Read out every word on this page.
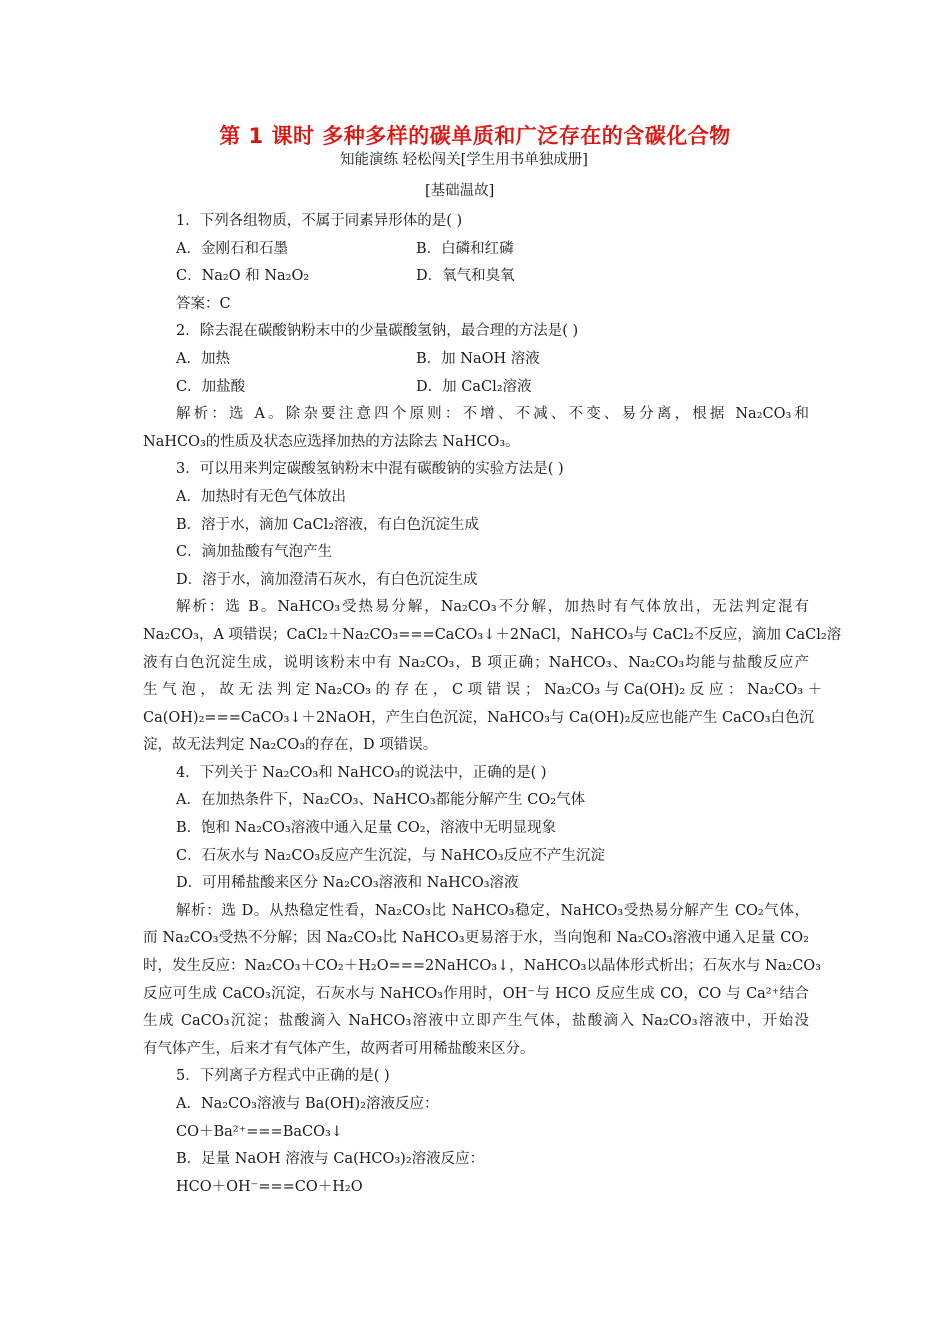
第 1 课时 多种多样的碳单质和广泛存在的含碳化合物
知能演练 轻松闯关[学生用书单独成册]
[基础温故]
1．下列各组物质，不属于同素异形体的是( )
A．金刚石和石墨	B．白磷和红磷
C．Na₂O 和 Na₂O₂	D．氧气和臭氧
答案：C
2．除去混在碳酸钠粉末中的少量碳酸氢钠，最合理的方法是( )
A．加热	B．加 NaOH 溶液
C．加盐酸	D．加 CaCl₂溶液
解析：选 A。除杂要注意四个原则：不增、不减、不变、易分离，根据 Na₂CO₃和
NaHCO₃的性质及状态应选择加热的方法除去 NaHCO₃。
3．可以用来判定碳酸氢钠粉末中混有碳酸钠的实验方法是( )
A．加热时有无色气体放出
B．溶于水，滴加 CaCl₂溶液，有白色沉淀生成
C．滴加盐酸有气泡产生
D．溶于水，滴加澄清石灰水，有白色沉淀生成
解析：选 B。NaHCO₃受热易分解，Na₂CO₃不分解，加热时有气体放出，无法判定混有
Na₂CO₃，A 项错误；CaCl₂＋Na₂CO₃===CaCO₃↓＋2NaCl，NaHCO₃与 CaCl₂不反应，滴加 CaCl₂溶
液有白色沉淀生成，说明该粉末中有 Na₂CO₃，B 项正确；NaHCO₃、Na₂CO₃均能与盐酸反应产
生 气 泡 ， 故 无 法 判 定 Na₂CO₃ 的 存 在 ， C 项 错 误 ； Na₂CO₃ 与 Ca(OH)₂ 反 应 ： Na₂CO₃ ＋
Ca(OH)₂===CaCO₃↓＋2NaOH，产生白色沉淀，NaHCO₃与 Ca(OH)₂反应也能产生 CaCO₃白色沉
淀，故无法判定 Na₂CO₃的存在，D 项错误。
4．下列关于 Na₂CO₃和 NaHCO₃的说法中，正确的是( )
A．在加热条件下，Na₂CO₃、NaHCO₃都能分解产生 CO₂气体
B．饱和 Na₂CO₃溶液中通入足量 CO₂，溶液中无明显现象
C．石灰水与 Na₂CO₃反应产生沉淀，与 NaHCO₃反应不产生沉淀
D．可用稀盐酸来区分 Na₂CO₃溶液和 NaHCO₃溶液
解析：选 D。从热稳定性看，Na₂CO₃比 NaHCO₃稳定，NaHCO₃受热易分解产生 CO₂气体，
而 Na₂CO₃受热不分解；因 Na₂CO₃比 NaHCO₃更易溶于水，当向饱和 Na₂CO₃溶液中通入足量 CO₂
时，发生反应：Na₂CO₃＋CO₂＋H₂O===2NaHCO₃↓，NaHCO₃以晶体形式析出；石灰水与 Na₂CO₃
反应可生成 CaCO₃沉淀，石灰水与 NaHCO₃作用时，OH⁻与 HCO 反应生成 CO，CO 与 Ca²⁺结合
生成 CaCO₃沉淀；盐酸滴入 NaHCO₃溶液中立即产生气体，盐酸滴入 Na₂CO₃溶液中，开始没
有气体产生，后来才有气体产生，故两者可用稀盐酸来区分。
5．下列离子方程式中正确的是( )
A．Na₂CO₃溶液与 Ba(OH)₂溶液反应：
CO＋Ba²⁺===BaCO₃↓
B．足量 NaOH 溶液与 Ca(HCO₃)₂溶液反应：
HCO＋OH⁻===CO＋H₂O
